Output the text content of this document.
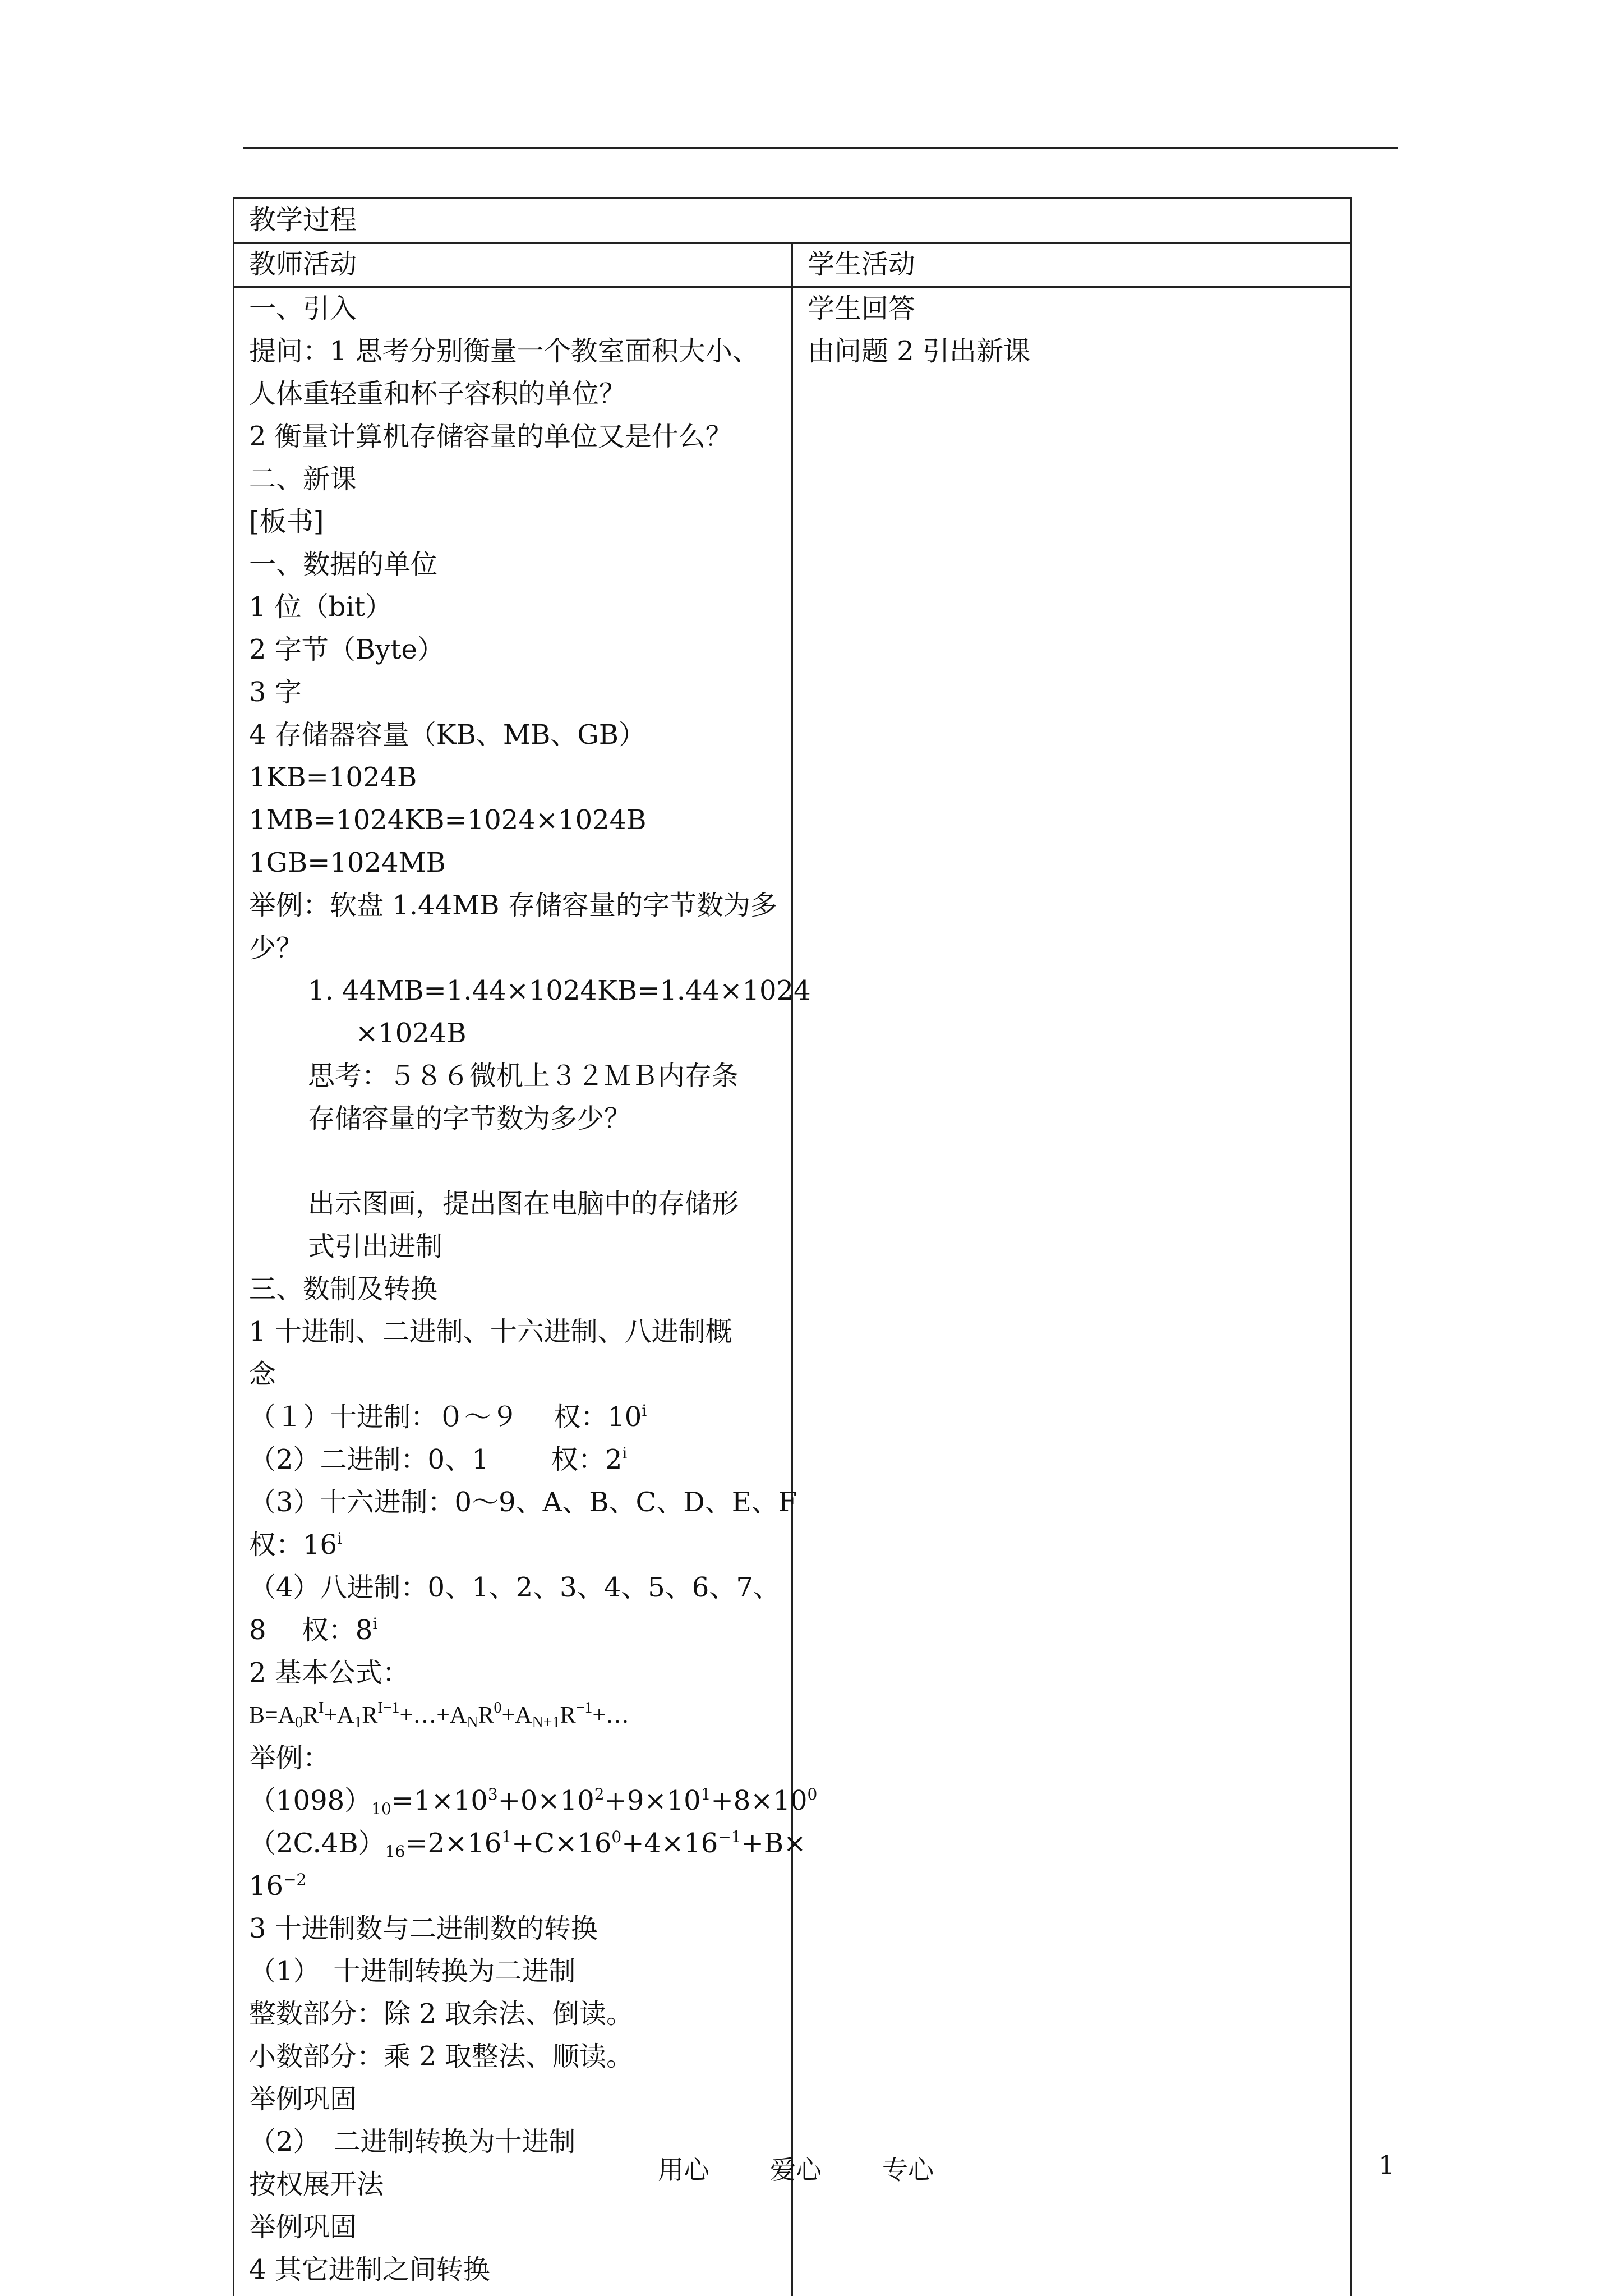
教学过程
教师活动	学生活动
一、引入
提问：1 思考分别衡量一个教室面积大小、
人体重轻重和杯子容积的单位？
2 衡量计算机存储容量的单位又是什么？
二、新课
[板书]
一、数据的单位
1 位（bit）
2 字节（Byte）
3 字
4 存储器容量（KB、MB、GB）
1KB=1024B
1MB=1024KB=1024×1024B
1GB=1024MB
举例：软盘 1.44MB 存储容量的字节数为多
少？
1. 44MB=1.44×1024KB=1.44×1024
×1024B
思考：５８６微机上３２ＭＢ内存条
存储容量的字节数为多少？
出示图画，提出图在电脑中的存储形
式引出进制
三、数制及转换
1 十进制、二进制、十六进制、八进制概
念
（１）十进制：０～９　 权：10$^i$
（2）二进制：0、1　　 权：2$^i$
（3）十六进制：0～9、A、B、C、D、E、F
权：16$^i$
（4）八进制：0、1、2、3、4、5、6、7、
8　 权：8$^i$
2 基本公式：
$B=A_0R^I+A_1R^{I-1}+\dots+A_NR^0+A_{N+1}R^{-1}+\dots$
举例：
$(1098)_{10}=1\times 10^3+0\times 10^2+9\times 10^1+8\times 10^0$
$(2C.4B)_{16}=2\times 16^1+C\times 16^0+4\times 16^{-1}+B\times$
$16^{-2}$
3 十进制数与二进制数的转换
（1）　十进制转换为二进制
整数部分：除 2 取余法、倒读。
小数部分：乘 2 取整法、顺读。
举例巩固
（2）　二进制转换为十进制
按权展开法
举例巩固
4 其它进制之间转换
学生回答
由问题 2 引出新课
用心 爱心 专心	1
